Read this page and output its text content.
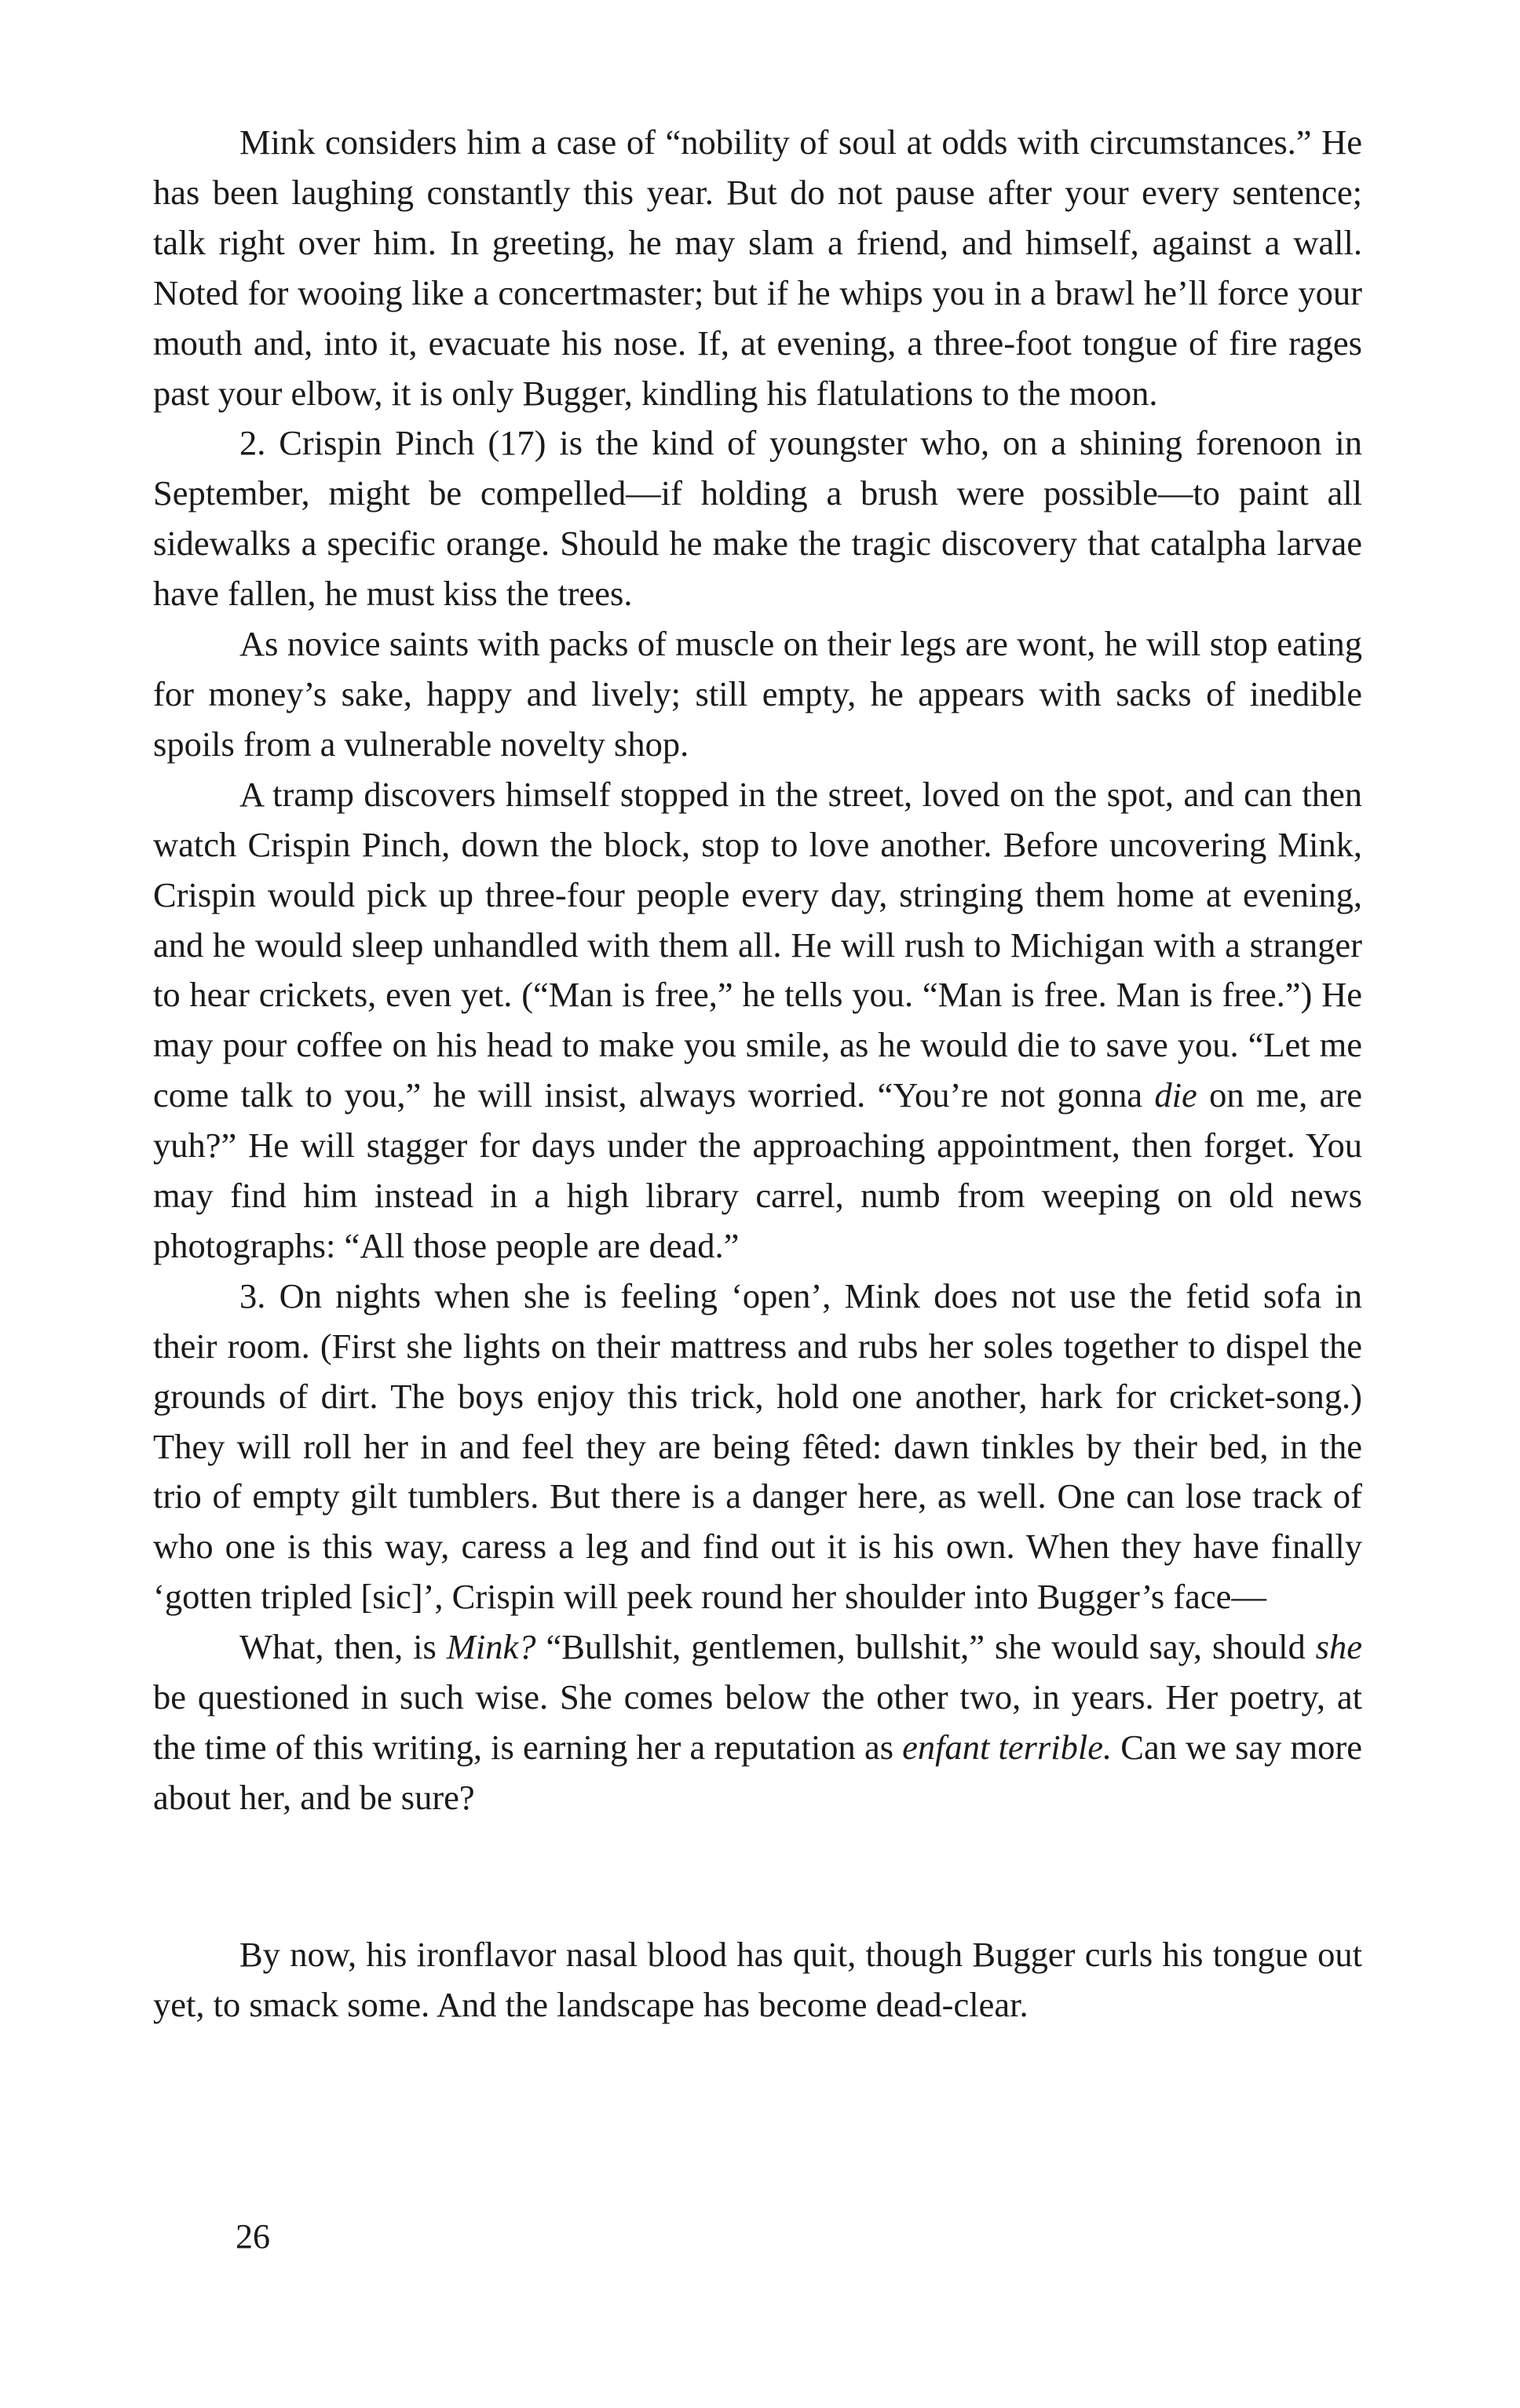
Mink considers him a case of “nobility of soul at odds with circumstances.” He has been laughing constantly this year. But do not pause after your every sentence; talk right over him. In greeting, he may slam a friend, and himself, against a wall. Noted for wooing like a concertmaster; but if he whips you in a brawl he’ll force your mouth and, into it, evacuate his nose. If, at evening, a three-foot tongue of fire rages past your elbow, it is only Bugger, kindling his flatulations to the moon.

2. Crispin Pinch (17) is the kind of youngster who, on a shining forenoon in September, might be compelled—if holding a brush were possible—to paint all sidewalks a specific orange. Should he make the tragic discovery that catalpha larvae have fallen, he must kiss the trees.

As novice saints with packs of muscle on their legs are wont, he will stop eating for money’s sake, happy and lively; still empty, he appears with sacks of inedible spoils from a vulnerable novelty shop.

A tramp discovers himself stopped in the street, loved on the spot, and can then watch Crispin Pinch, down the block, stop to love another. Before uncovering Mink, Crispin would pick up three-four people every day, stringing them home at evening, and he would sleep unhandled with them all. He will rush to Michigan with a stranger to hear crickets, even yet. (“Man is free,” he tells you. “Man is free. Man is free.”) He may pour coffee on his head to make you smile, as he would die to save you. “Let me come talk to you,” he will insist, always worried. “You’re not gonna die on me, are yuh?” He will stagger for days under the approaching appointment, then forget. You may find him instead in a high library carrel, numb from weeping on old news photographs: “All those people are dead.”

3. On nights when she is feeling ‘open’, Mink does not use the fetid sofa in their room. (First she lights on their mattress and rubs her soles together to dispel the grounds of dirt. The boys enjoy this trick, hold one another, hark for cricket-song.) They will roll her in and feel they are being fêted: dawn tinkles by their bed, in the trio of empty gilt tumblers. But there is a danger here, as well. One can lose track of who one is this way, caress a leg and find out it is his own. When they have finally ‘gotten tripled [sic]’, Crispin will peek round her shoulder into Bugger’s face—

What, then, is Mink? “Bullshit, gentlemen, bullshit,” she would say, should she be questioned in such wise. She comes below the other two, in years. Her poetry, at the time of this writing, is earning her a reputation as enfant terrible. Can we say more about her, and be sure?

By now, his ironflavor nasal blood has quit, though Bugger curls his tongue out yet, to smack some. And the landscape has become dead-clear.

26
